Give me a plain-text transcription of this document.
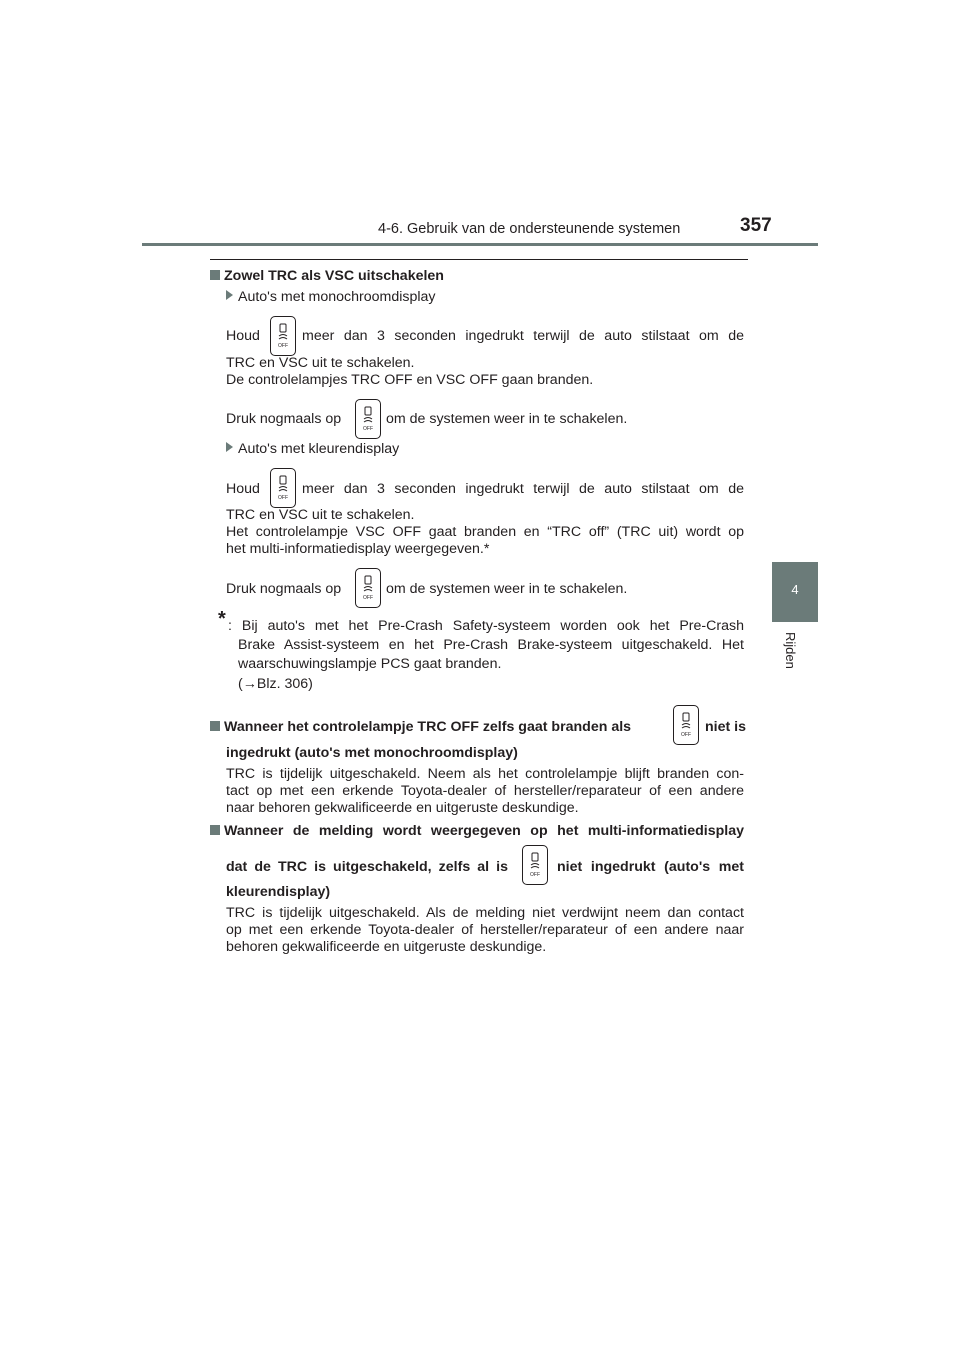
4-6. Gebruik van de ondersteunende systemen	357
4
Rijden
Zowel TRC als VSC uitschakelen
Auto's met monochroomdisplay
Houd
OFF
meer dan 3 seconden ingedrukt terwijl de auto stilstaat om de
TRC en VSC uit te schakelen.
De controlelampjes TRC OFF en VSC OFF gaan branden.
Druk nogmaals op
OFF
om de systemen weer in te schakelen.
Auto's met kleurendisplay
Houd
OFF
meer dan 3 seconden ingedrukt terwijl de auto stilstaat om de
TRC en VSC uit te schakelen.
Het controlelampje VSC OFF gaat branden en “TRC off” (TRC uit) wordt op
het multi-informatiedisplay weergegeven.*
Druk nogmaals op
OFF
om de systemen weer in te schakelen.
* : Bij auto's met het Pre-Crash Safety-systeem worden ook het Pre-Crash
Brake Assist-systeem en het Pre-Crash Brake-systeem uitgeschakeld. Het
waarschuwingslampje PCS gaat branden.
(→Blz. 306)
Wanneer het controlelampje TRC OFF zelfs gaat branden als	OFF niet is
ingedrukt (auto's met monochroomdisplay)
TRC is tijdelijk uitgeschakeld. Neem als het controlelampje blijft branden con-
tact op met een erkende Toyota-dealer of hersteller/reparateur of een andere
naar behoren gekwalificeerde en uitgeruste deskundige.
Wanneer de melding wordt weergegeven op het multi-informatiedisplay
dat de TRC is uitgeschakeld, zelfs al is	OFF niet ingedrukt (auto's met
kleurendisplay)
TRC is tijdelijk uitgeschakeld. Als de melding niet verdwijnt neem dan contact
op met een erkende Toyota-dealer of hersteller/reparateur of een andere naar
behoren gekwalificeerde en uitgeruste deskundige.
